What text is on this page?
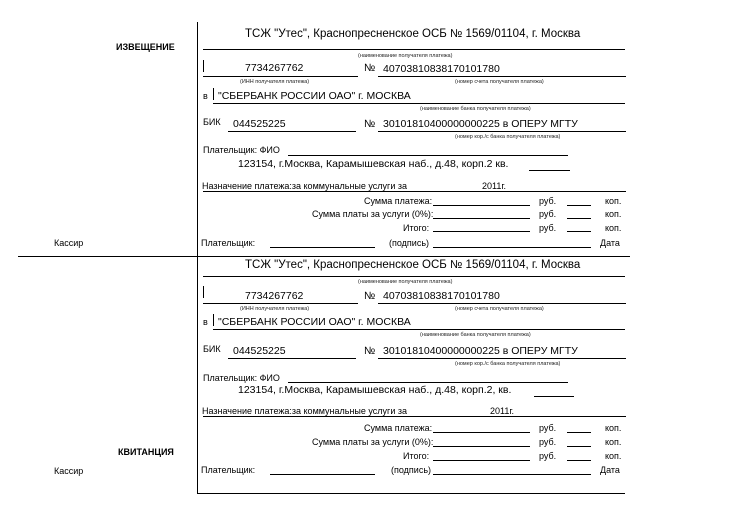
ИЗВЕЩЕНИЕ
Кассир
КВИТАНЦИЯ
Кассир
ТСЖ "Утес", Краснопресненское ОСБ № 1569/01104, г. Москва
(наименование получателя платежа)
7734267762
(ИНН получателя платежа)
№ 40703810838170101780
(номер счета получателя платежа)
в "СБЕРБАНК РОССИИ ОАО" г. МОСКВА
(наименование банка получателя платежа)
БИК 044525225	№ 30101810400000000225 в ОПЕРУ МГТУ
(номер кор./с банка получателя платежа)
Плательщик: ФИО
123154, г.Москва, Карамышевская наб., д.48, корп.2 кв.
Назначение платежа:за коммунальные услуги за	2011г.
Сумма платежа:	руб.	коп.
Сумма платы за услуги (0%):	руб.	коп.
Итого:	руб.	коп.
Плательщик:	(подпись)	Дата
ТСЖ "Утес", Краснопресненское ОСБ № 1569/01104, г. Москва
(наименование получателя платежа)
7734267762
(ИНН получателя платежа)
№ 40703810838170101780
(номер счета получателя платежа)
в "СБЕРБАНК РОССИИ ОАО" г. МОСКВА
(наименование банка получателя платежа)
БИК 044525225	№ 30101810400000000225 в ОПЕРУ МГТУ
(номер кор./с банка получателя платежа)
Плательщик: ФИО
123154, г.Москва, Карамышевская наб., д.48, корп.2, кв.
Назначение платежа:за коммунальные услуги за	2011г.
Сумма платежа:	руб.	коп.
Сумма платы за услуги (0%):	руб.	коп.
Итого:	руб.	коп.
Плательщик:	(подпись)	Дата
